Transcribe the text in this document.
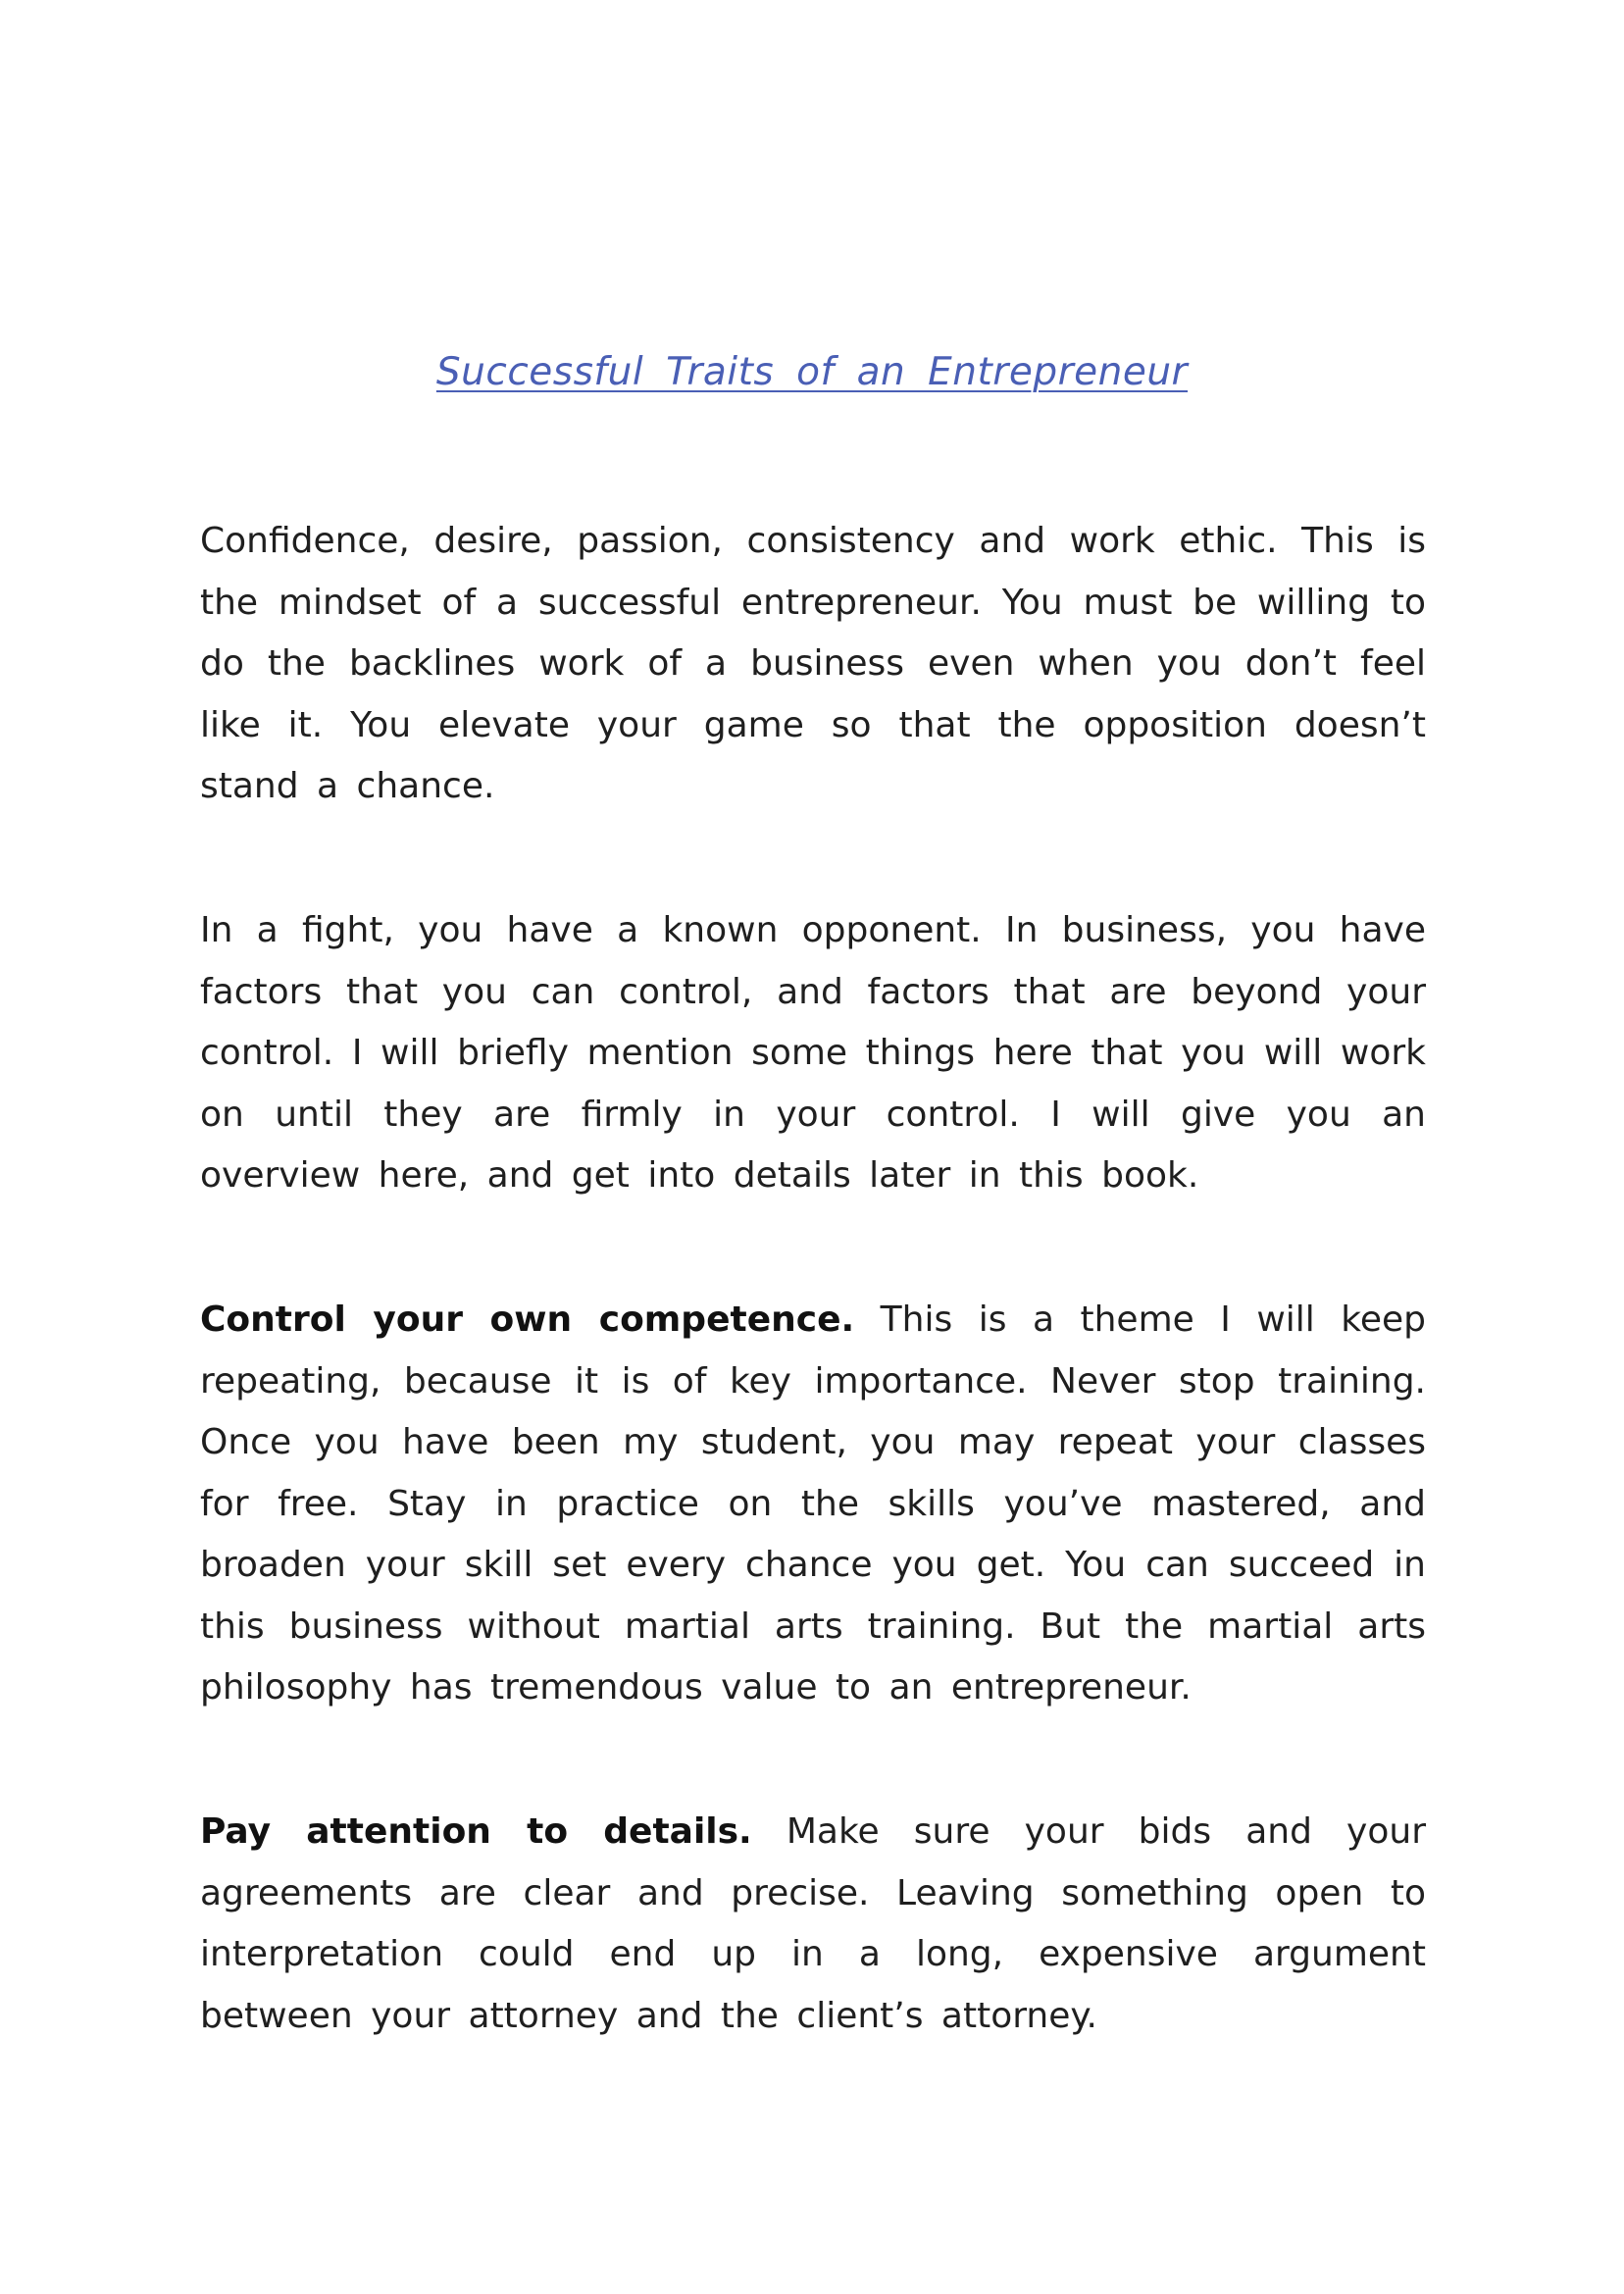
Successful Traits of an Entrepreneur

Confidence, desire, passion, consistency and work ethic. This is the mindset of a successful entrepreneur. You must be willing to do the backlines work of a business even when you don’t feel like it. You elevate your game so that the opposition doesn’t stand a chance.

In a fight, you have a known opponent. In business, you have factors that you can control, and factors that are beyond your control. I will briefly mention some things here that you will work on until they are firmly in your control. I will give you an overview here, and get into details later in this book.

Control your own competence. This is a theme I will keep repeating, because it is of key importance. Never stop training. Once you have been my student, you may repeat your classes for free. Stay in practice on the skills you’ve mastered, and broaden your skill set every chance you get. You can succeed in this business without martial arts training. But the martial arts philosophy has tremendous value to an entrepreneur.

Pay attention to details. Make sure your bids and your agreements are clear and precise. Leaving something open to interpretation could end up in a long, expensive argument between your attorney and the client’s attorney.
